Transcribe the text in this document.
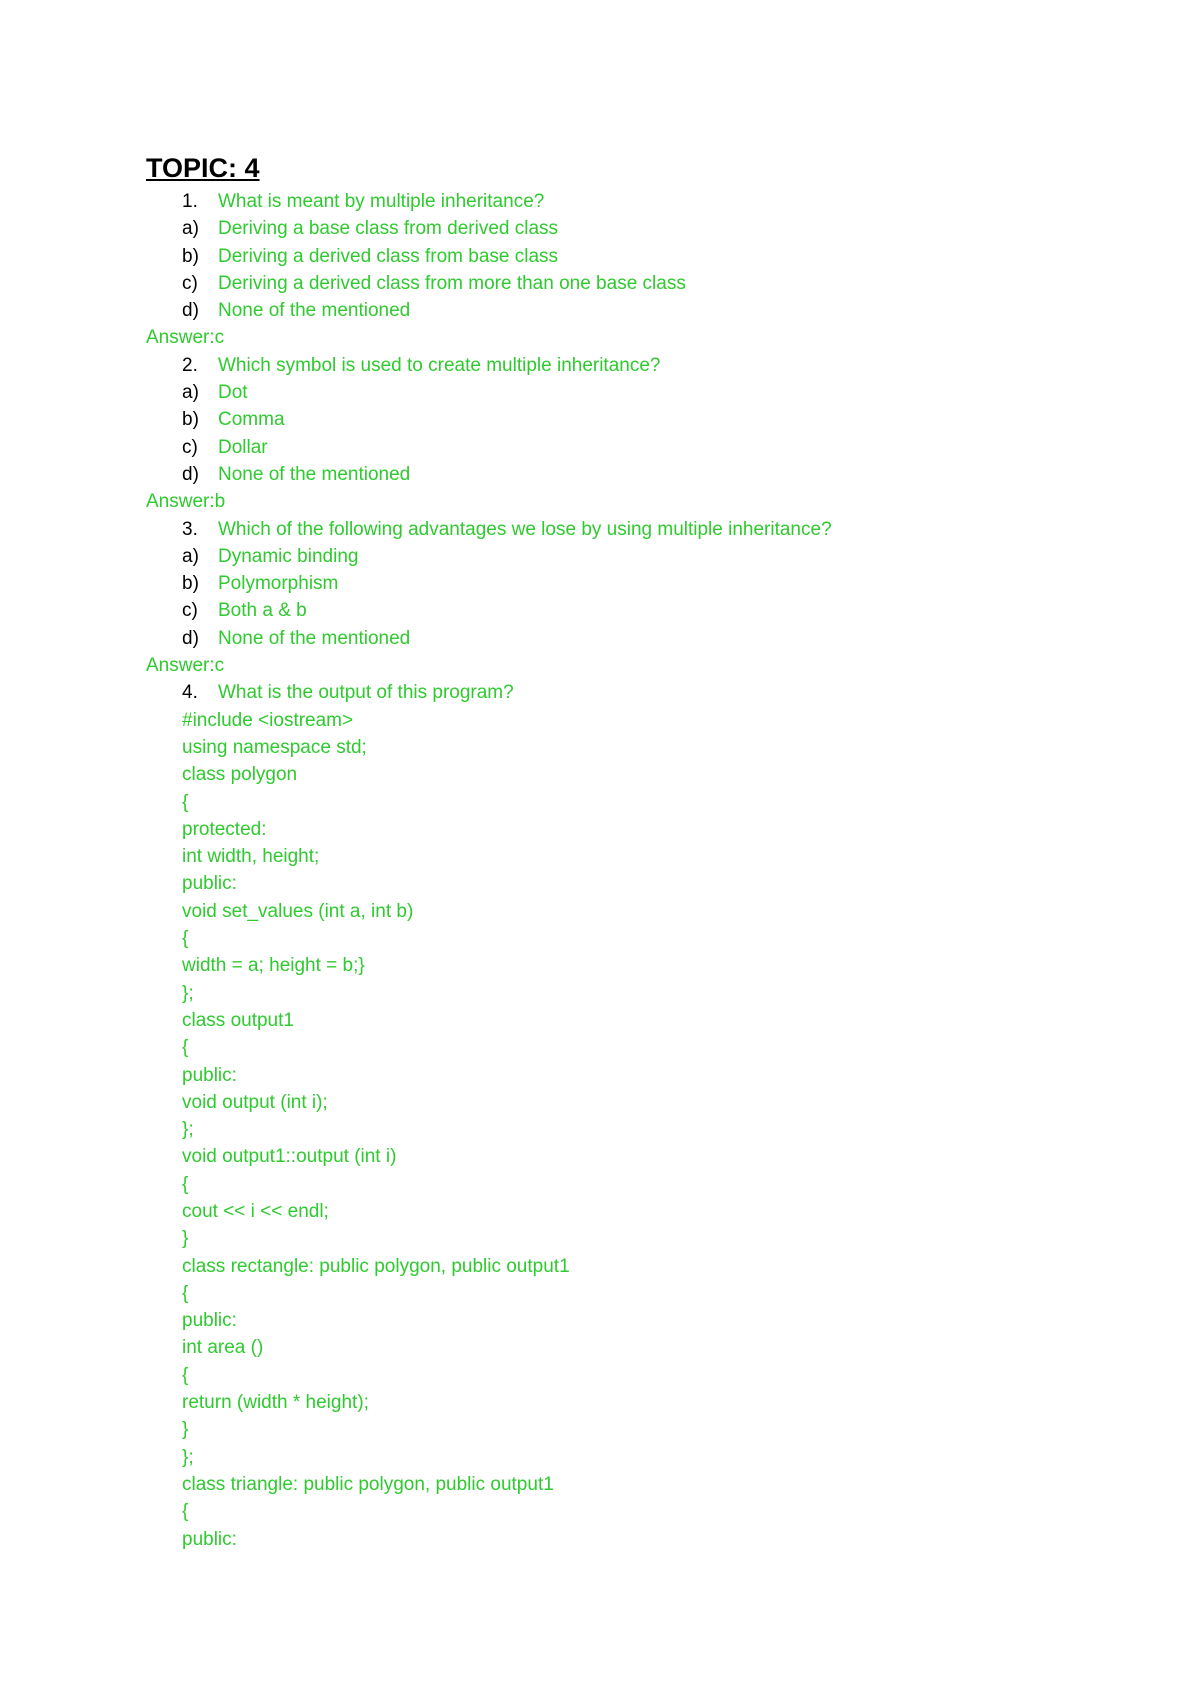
TOPIC: 4
1. What is meant by multiple inheritance?
a) Deriving a base class from derived class
b) Deriving a derived class from base class
c) Deriving a derived class from more than one base class
d) None of the mentioned
Answer:c
2. Which symbol is used to create multiple inheritance?
a) Dot
b) Comma
c) Dollar
d) None of the mentioned
Answer:b
3. Which of the following advantages we lose by using multiple inheritance?
a) Dynamic binding
b) Polymorphism
c) Both a & b
d) None of the mentioned
Answer:c
4. What is the output of this program?
#include <iostream>
using namespace std;
class polygon
{
protected:
int width, height;
public:
void set_values (int a, int b)
{
width = a; height = b;}
};
class output1
{
public:
void output (int i);
};
void output1::output (int i)
{
cout << i << endl;
}
class rectangle: public polygon, public output1
{
public:
int area ()
{
return (width * height);
}
};
class triangle: public polygon, public output1
{
public:
